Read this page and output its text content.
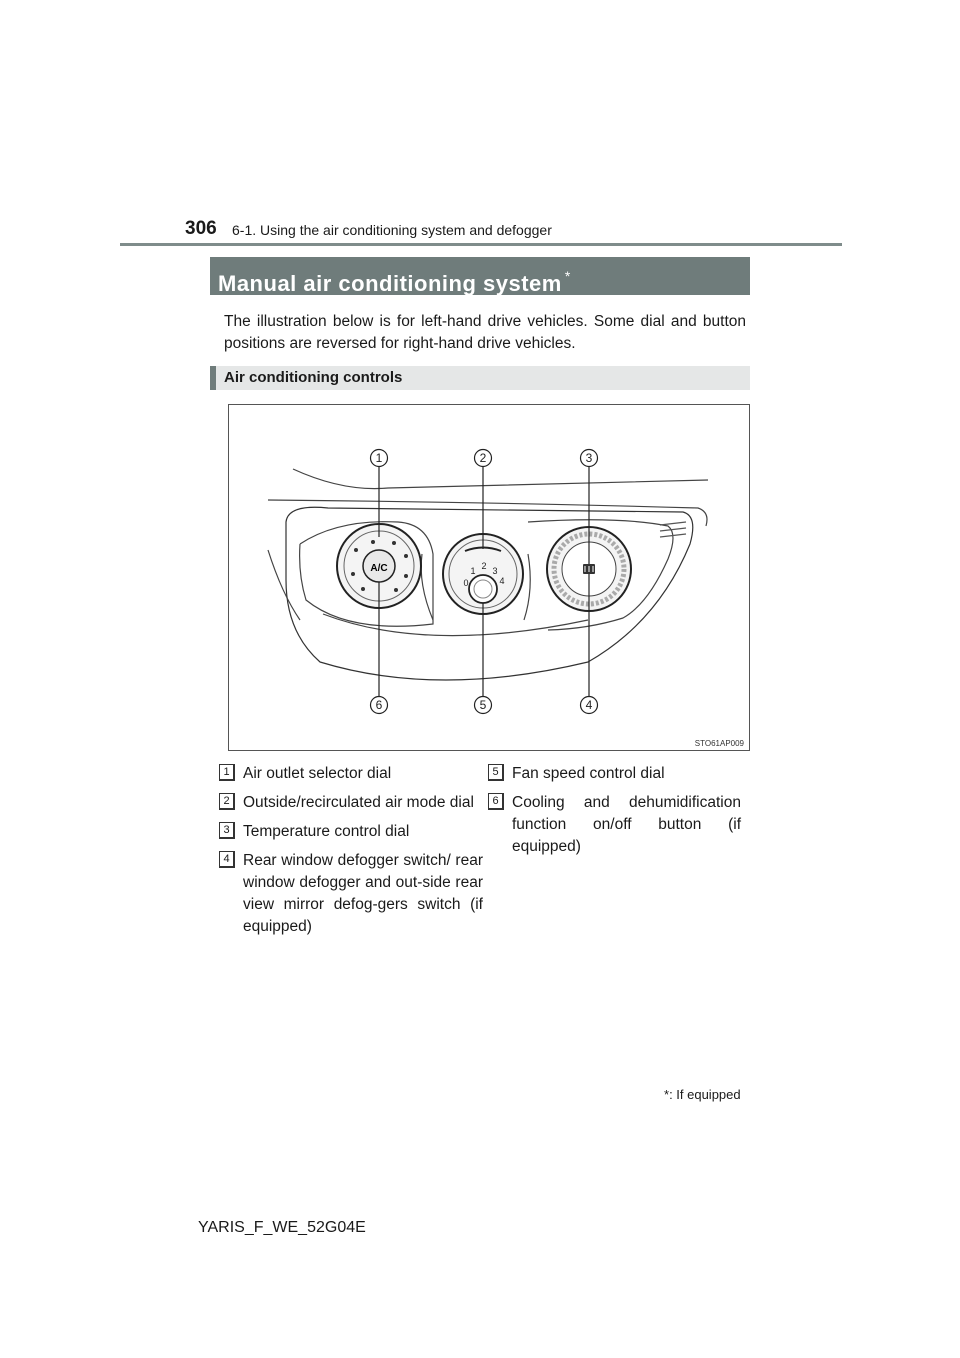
306 6-1. Using the air conditioning system and defogger
Manual air conditioning system *
The illustration below is for left-hand drive vehicles. Some dial and button positions are reversed for right-hand drive vehicles.
Air conditioning controls
A/C
0
1 2 3
4
1	2	3
4
5
6
STO61AP009
1 Air outlet selector dial
2 Outside/recirculated air mode dial
3 Temperature control dial
4 Rear window defogger switch/ rear window defogger and out-side rear view mirror defog-gers switch (if equipped)
5 Fan speed control dial
6 Cooling and dehumidification function on/off button (if equipped)
*: If equipped
YARIS_F_WE_52G04E
